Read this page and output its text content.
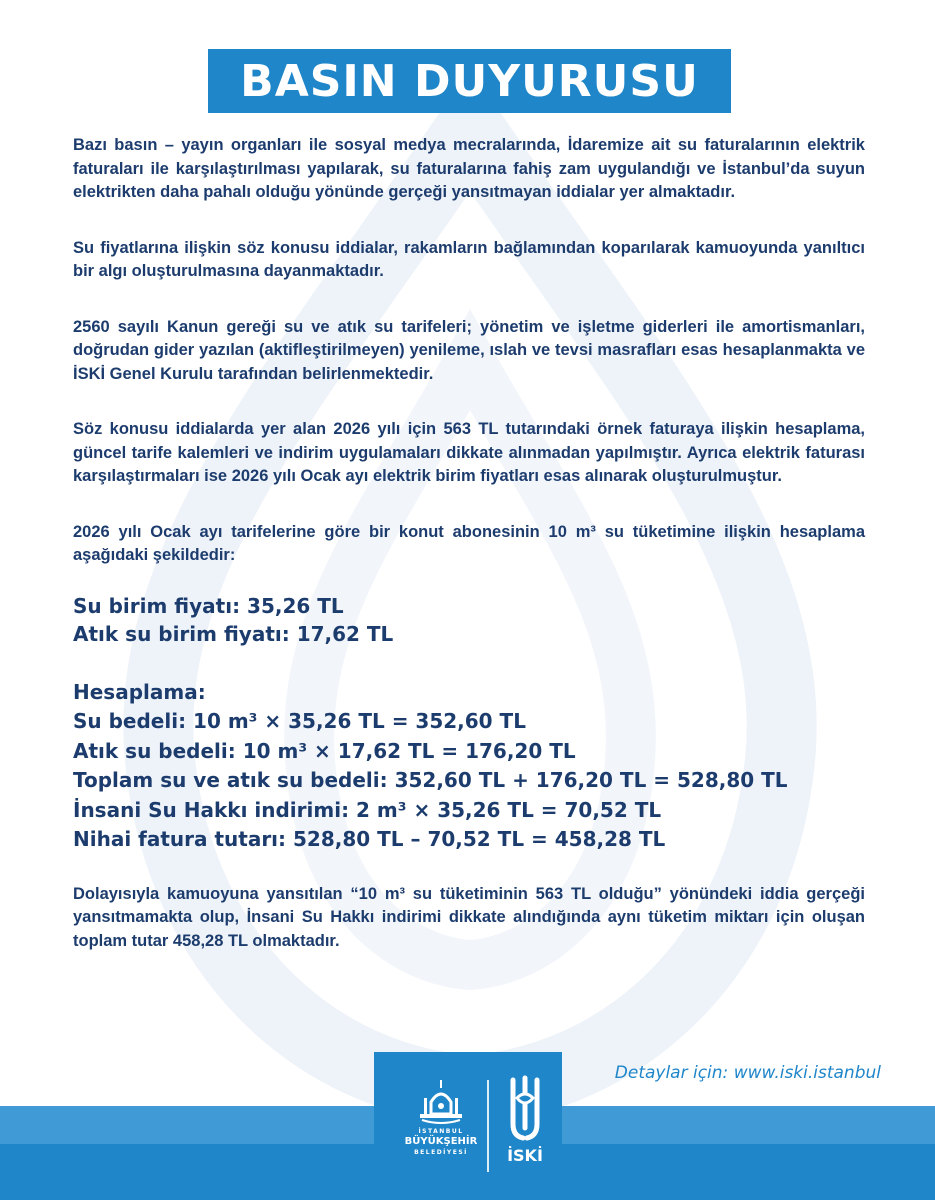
BASIN DUYURUSU

Bazı basın – yayın organları ile sosyal medya mecralarında, İdaremize ait su faturalarının elektrik faturaları ile karşılaştırılması yapılarak, su faturalarına fahiş zam uygulandığı ve İstanbul’da suyun elektrikten daha pahalı olduğu yönünde gerçeği yansıtmayan iddialar yer almaktadır.

Su fiyatlarına ilişkin söz konusu iddialar, rakamların bağlamından koparılarak kamuoyunda yanıltıcı bir algı oluşturulmasına dayanmaktadır.

2560 sayılı Kanun gereği su ve atık su tarifeleri; yönetim ve işletme giderleri ile amortismanları, doğrudan gider yazılan (aktifleştirilmeyen) yenileme, ıslah ve tevsi masrafları esas hesaplanmakta ve İSKİ Genel Kurulu tarafından belirlenmektedir.

Söz konusu iddialarda yer alan 2026 yılı için 563 TL tutarındaki örnek faturaya ilişkin hesaplama, güncel tarife kalemleri ve indirim uygulamaları dikkate alınmadan yapılmıştır. Ayrıca elektrik faturası karşılaştırmaları ise 2026 yılı Ocak ayı elektrik birim fiyatları esas alınarak oluşturulmuştur.

2026 yılı Ocak ayı tarifelerine göre bir konut abonesinin 10 m³ su tüketimine ilişkin hesaplama aşağıdaki şekildedir:

Su birim fiyatı: 35,26 TL

Atık su birim fiyatı: 17,62 TL

Hesaplama:

Su bedeli: 10 m³ × 35,26 TL = 352,60 TL

Atık su bedeli: 10 m³ × 17,62 TL = 176,20 TL

Toplam su ve atık su bedeli: 352,60 TL + 176,20 TL = 528,80 TL

İnsani Su Hakkı indirimi: 2 m³ × 35,26 TL = 70,52 TL

Nihai fatura tutarı: 528,80 TL – 70,52 TL = 458,28 TL

Dolayısıyla kamuoyuna yansıtılan “10 m³ su tüketiminin 563 TL olduğu” yönündeki iddia gerçeği yansıtmamakta olup, İnsani Su Hakkı indirimi dikkate alındığında aynı tüketim miktarı için oluşan toplam tutar 458,28 TL olmaktadır.

Detaylar için: www.iski.istanbul
İSTANBUL
BÜYÜKŞEHİR
BELEDİYESİ İSKİ
